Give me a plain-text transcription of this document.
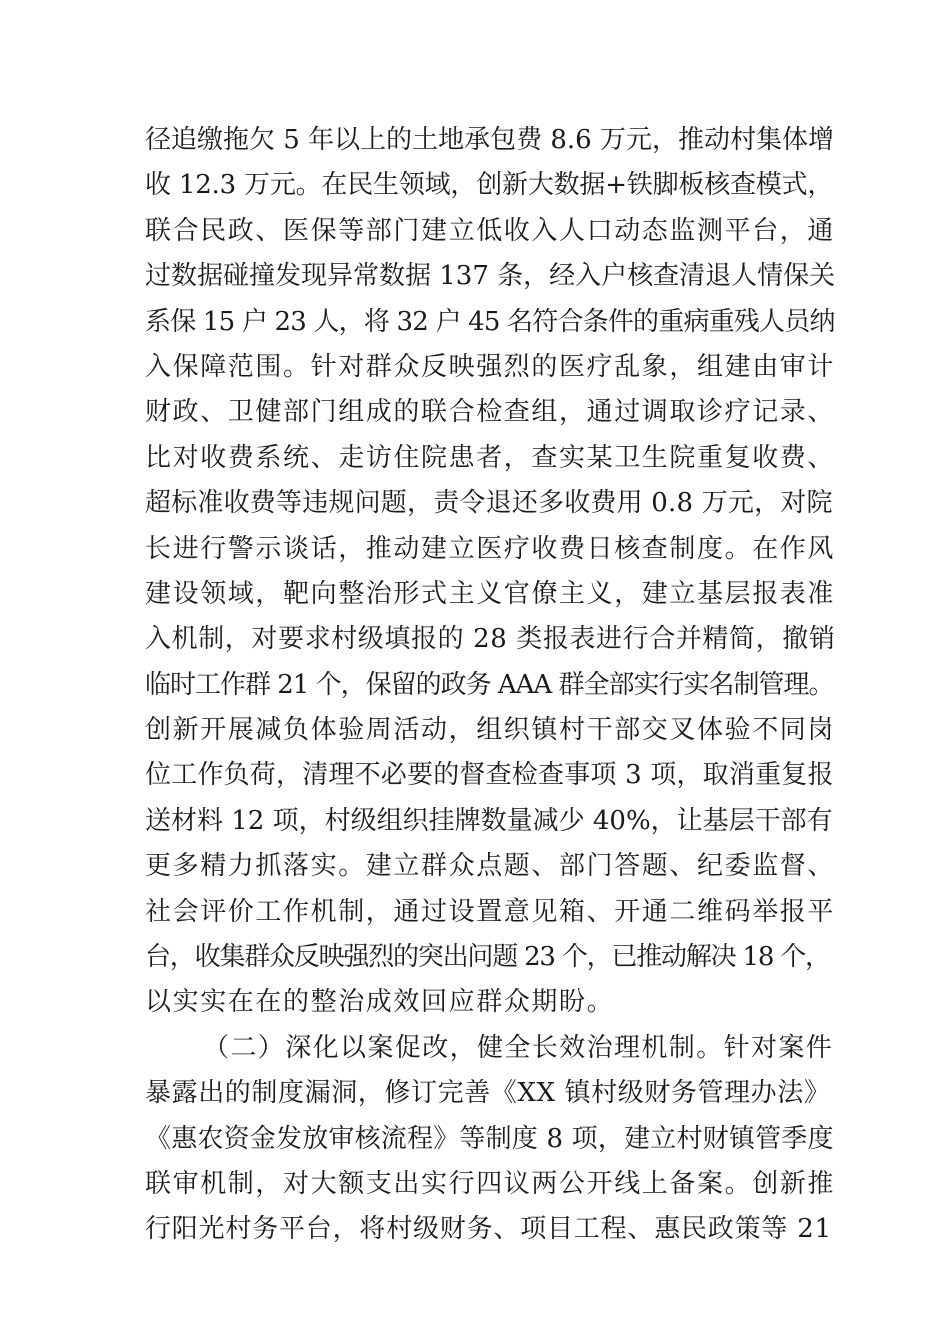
径追缴拖欠 5 年以上的土地承包费 8.6 万元，推动村集体增
收 12.3 万元。在民生领域，创新大数据+铁脚板核查模式，
联合民政、医保等部门建立低收入人口动态监测平台，通
过数据碰撞发现异常数据 137 条，经入户核查清退人情保关
系保 15 户 23 人，将 32 户 45 名符合条件的重病重残人员纳
入保障范围。针对群众反映强烈的医疗乱象，组建由审计
财政、卫健部门组成的联合检查组，通过调取诊疗记录、
比对收费系统、走访住院患者，查实某卫生院重复收费、
超标准收费等违规问题，责令退还多收费用 0.8 万元，对院
长进行警示谈话，推动建立医疗收费日核查制度。在作风
建设领域，靶向整治形式主义官僚主义，建立基层报表准
入机制，对要求村级填报的 28 类报表进行合并精简，撤销
临时工作群 21 个，保留的政务 AAA 群全部实行实名制管理。
创新开展减负体验周活动，组织镇村干部交叉体验不同岗
位工作负荷，清理不必要的督查检查事项 3 项，取消重复报
送材料 12 项，村级组织挂牌数量减少 40%，让基层干部有
更多精力抓落实。建立群众点题、部门答题、纪委监督、
社会评价工作机制，通过设置意见箱、开通二维码举报平
台，收集群众反映强烈的突出问题 23 个，已推动解决 18 个，
以实实在在的整治成效回应群众期盼。
（二）深化以案促改，健全长效治理机制。针对案件
暴露出的制度漏洞，修订完善《XX 镇村级财务管理办法》
《惠农资金发放审核流程》等制度 8 项，建立村财镇管季度
联审机制，对大额支出实行四议两公开线上备案。创新推
行阳光村务平台，将村级财务、项目工程、惠民政策等 21
